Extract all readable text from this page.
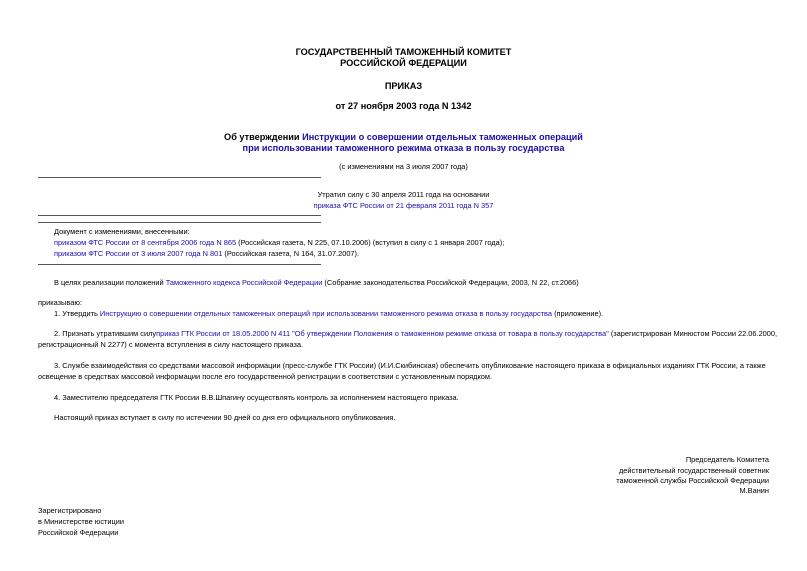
ГОСУДАРСТВЕННЫЙ ТАМОЖЕННЫЙ КОМИТЕТ
РОССИЙСКОЙ ФЕДЕРАЦИИ
ПРИКАЗ
от 27 ноября 2003 года N 1342
Об утверждении Инструкции о совершении отдельных таможенных операций
при использовании таможенного режима отказа в пользу государства
(с изменениями на 3 июля 2007 года)
Утратил силу с 30 апреля 2011 года на основании
приказа ФТС России от 21 февраля 2011 года N 357
Документ с изменениями, внесенными:
приказом ФТС России от 8 сентября 2006 года N 865 (Российская газета, N 225, 07.10.2006) (вступил в силу с 1 января 2007 года);
приказом ФТС России от 3 июля 2007 года N 801 (Российская газета, N 164, 31.07.2007).
В целях реализации положений Таможенного кодекса Российской Федерации (Собрание законодательства Российской Федерации, 2003, N 22, ст.2066)
приказываю:
1. Утвердить Инструкцию о совершении отдельных таможенных операций при использовании таможенного режима отказа в пользу государства (приложение).
2. Признать утратившим силуприказ ГТК России от 18.05.2000 N 411 "Об утверждении Положения о таможенном режиме отказа от товара в пользу государства" (зарегистрирован Минюстом России 22.06.2000,
регистрационный N 2277) с момента вступления в силу настоящего приказа.
3. Службе взаимодействия со средствами массовой информации (пресс-службе ГТК России) (И.И.Скибинская) обеспечить опубликование настоящего приказа в официальных изданиях ГТК России, а также
освещение в средствах массовой информации после его государственной регистрации в соответствии с установленным порядком.
4. Заместителю председателя ГТК России В.В.Шпагину осуществлять контроль за исполнением настоящего приказа.
Настоящий приказ вступает в силу по истечении 90 дней со дня его официального опубликования.
Председатель Комитета
действительный государственный советник
таможенной службы Российской Федерации
М.Ванин
Зарегистрировано
в Министерстве юстиции
Российской Федерации
